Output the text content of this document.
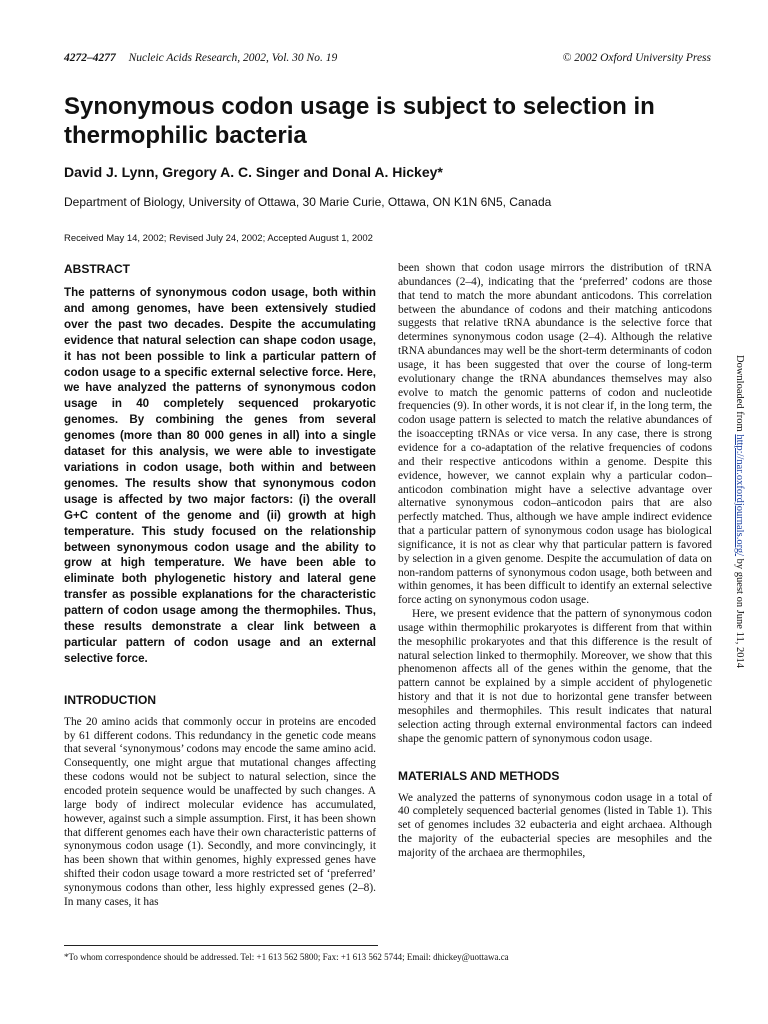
4272–4277 Nucleic Acids Research, 2002, Vol. 30 No. 19	© 2002 Oxford University Press
Synonymous codon usage is subject to selection in thermophilic bacteria
David J. Lynn, Gregory A. C. Singer and Donal A. Hickey*
Department of Biology, University of Ottawa, 30 Marie Curie, Ottawa, ON K1N 6N5, Canada
Received May 14, 2002; Revised July 24, 2002; Accepted August 1, 2002
ABSTRACT
The patterns of synonymous codon usage, both within and among genomes, have been extensively studied over the past two decades. Despite the accumulating evidence that natural selection can shape codon usage, it has not been possible to link a particular pattern of codon usage to a specific external selective force. Here, we have analyzed the patterns of synonymous codon usage in 40 completely sequenced prokaryotic genomes. By combining the genes from several genomes (more than 80 000 genes in all) into a single dataset for this analysis, we were able to investigate variations in codon usage, both within and between genomes. The results show that synonymous codon usage is affected by two major factors: (i) the overall G+C content of the genome and (ii) growth at high temperature. This study focused on the relationship between synonymous codon usage and the ability to grow at high temperature. We have been able to eliminate both phylogenetic history and lateral gene transfer as possible explanations for the characteristic pattern of codon usage among the thermophiles. Thus, these results demonstrate a clear link between a particular pattern of codon usage and an external selective force.
INTRODUCTION
The 20 amino acids that commonly occur in proteins are encoded by 61 different codons. This redundancy in the genetic code means that several ‘synonymous’ codons may encode the same amino acid. Consequently, one might argue that mutational changes affecting these codons would not be subject to natural selection, since the encoded protein sequence would be unaffected by such changes. A large body of indirect molecular evidence has accumulated, however, against such a simple assumption. First, it has been shown that different genomes each have their own characteristic patterns of synonymous codon usage (1). Secondly, and more convincingly, it has been shown that within genomes, highly expressed genes have shifted their codon usage toward a more restricted set of ‘preferred’ synonymous codons than other, less highly expressed genes (2–8). In many cases, it has
been shown that codon usage mirrors the distribution of tRNA abundances (2–4), indicating that the ‘preferred’ codons are those that tend to match the more abundant anticodons. This correlation between the abundance of codons and their matching anticodons suggests that relative tRNA abundance is the selective force that determines synonymous codon usage (2–4). Although the relative tRNA abundances may well be the short-term determinants of codon usage, it has been suggested that over the course of long-term evolutionary change the tRNA abundances themselves may also evolve to match the genomic patterns of codon and nucleotide frequencies (9). In other words, it is not clear if, in the long term, the codon usage pattern is selected to match the relative abundances of the isoaccepting tRNAs or vice versa. In any case, there is strong evidence for a co-adaptation of the relative frequencies of codons and their respective anticodons within a genome. Despite this evidence, however, we cannot explain why a particular codon–anticodon combination might have a selective advantage over alternative synonymous codon–anticodon pairs that are also perfectly matched. Thus, although we have ample indirect evidence that a particular pattern of synonymous codon usage has biological significance, it is not as clear why that particular pattern is favored by selection in a given genome. Despite the accumulation of data on non-random patterns of synonymous codon usage, both between and within genomes, it has been difficult to identify an external selective force acting on synonymous codon usage.
Here, we present evidence that the pattern of synonymous codon usage within thermophilic prokaryotes is different from that within the mesophilic prokaryotes and that this difference is the result of natural selection linked to thermophily. Moreover, we show that this phenomenon affects all of the genes within the genome, that the pattern cannot be explained by a simple accident of phylogenetic history and that it is not due to horizontal gene transfer between mesophiles and thermophiles. This result indicates that natural selection acting through external environmental factors can indeed shape the genomic pattern of synonymous codon usage.
MATERIALS AND METHODS
We analyzed the patterns of synonymous codon usage in a total of 40 completely sequenced bacterial genomes (listed in Table 1). This set of genomes includes 32 eubacteria and eight archaea. Although the majority of the eubacterial species are mesophiles and the majority of the archaea are thermophiles,
Downloaded from http://nar.oxfordjournals.org/ by guest on June 11, 2014
*To whom correspondence should be addressed. Tel: +1 613 562 5800; Fax: +1 613 562 5744; Email: dhickey@uottawa.ca
